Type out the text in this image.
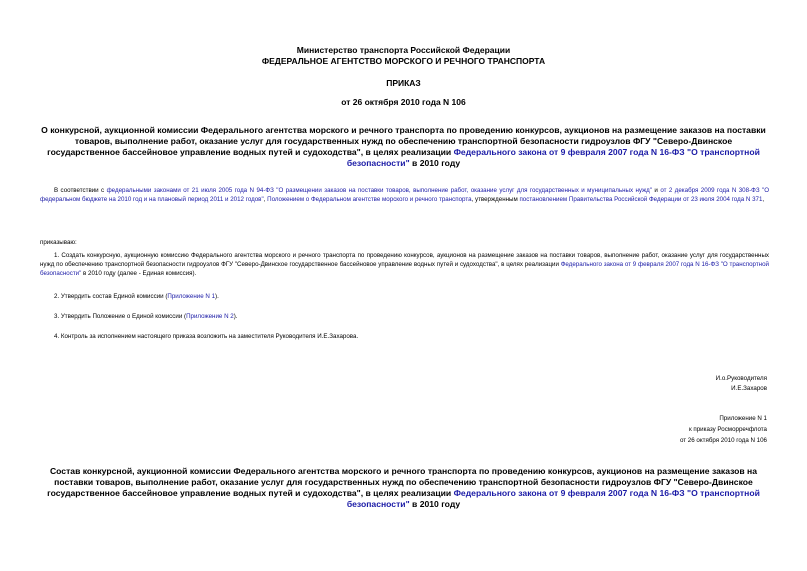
Министерство транспорта Российской Федерации
ФЕДЕРАЛЬНОЕ АГЕНТСТВО МОРСКОГО И РЕЧНОГО ТРАНСПОРТА
ПРИКАЗ
от 26 октября 2010 года N 106
О конкурсной, аукционной комиссии Федерального агентства морского и речного транспорта по проведению конкурсов, аукционов на размещение заказов на поставки товаров, выполнение работ, оказание услуг для государственных нужд по обеспечению транспортной безопасности гидроузлов ФГУ "Северо-Двинское государственное бассейновое управление водных путей и судоходства", в целях реализации Федерального закона от 9 февраля 2007 года N 16-ФЗ "О транспортной безопасности" в 2010 году
В соответствии с федеральными законами от 21 июля 2005 года N 94-ФЗ "О размещении заказов на поставки товаров, выполнение работ, оказание услуг для государственных и муниципальных нужд" и от 2 декабря 2009 года N 308-ФЗ "О федеральном бюджете на 2010 год и на плановый период 2011 и 2012 годов", Положением о Федеральном агентстве морского и речного транспорта, утвержденным постановлением Правительства Российской Федерации от 23 июля 2004 года N 371,
приказываю:
1. Создать конкурсную, аукционную комиссию Федерального агентства морского и речного транспорта по проведению конкурсов, аукционов на размещение заказов на поставки товаров, выполнение работ, оказание услуг для государственных нужд по обеспечению транспортной безопасности гидроузлов ФГУ "Северо-Двинское государственное бассейновое управление водных путей и судоходства", в целях реализации Федерального закона от 9 февраля 2007 года N 16-ФЗ "О транспортной безопасности" в 2010 году (далее - Единая комиссия).
2. Утвердить состав Единой комиссии (Приложение N 1).
3. Утвердить Положение о Единой комиссии (Приложение N 2).
4. Контроль за исполнением настоящего приказа возложить на заместителя Руководителя И.Е.Захарова.
И.о.Руководителя
И.Е.Захаров
Приложение N 1
к приказу Росморречфлота
от 26 октября 2010 года N 106
Состав конкурсной, аукционной комиссии Федерального агентства морского и речного транспорта по проведению конкурсов, аукционов на размещение заказов на поставки товаров, выполнение работ, оказание услуг для государственных нужд по обеспечению транспортной безопасности гидроузлов ФГУ "Северо-Двинское государственное бассейновое управление водных путей и судоходства", в целях реализации Федерального закона от 9 февраля 2007 года N 16-ФЗ "О транспортной безопасности" в 2010 году
